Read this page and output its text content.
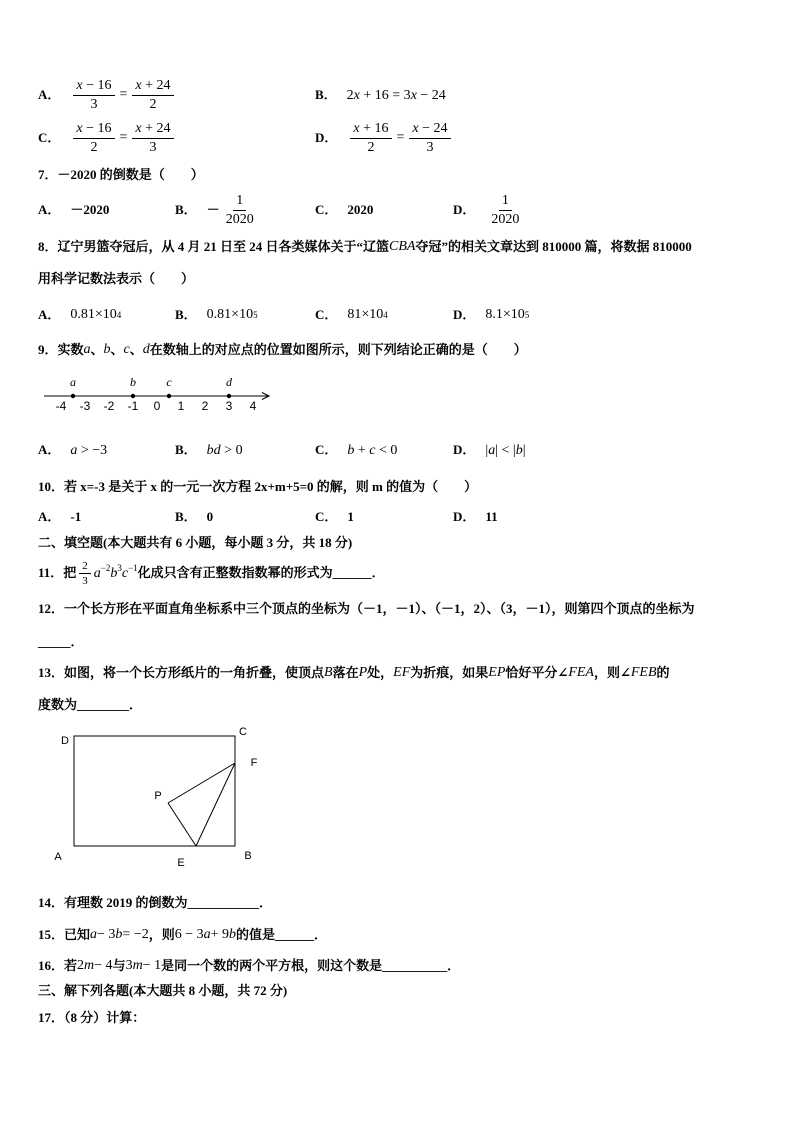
A． $\frac{x - 16}{3} = \frac{x + 24}{2}$	B． 2x + 16 = 3x − 24
C． $\frac{x - 16}{2} = \frac{x + 24}{3}$	D． $\frac{x + 16}{2} = \frac{x - 24}{3}$
7．－2020 的倒数是（　　）
A． －2020	B． － $\frac{1}{2020}$	C． 2020	D． $\frac{1}{2020}$
8．辽宁男篮夺冠后，从 4 月 21 日至 24 日各类媒体关于“辽篮 CBA 夺冠”的相关文章达到 810000 篇，将数据 810000
用科学记数法表示（　　）
A． 0.81×10 4	B． 0.81×10 5	C． 81×10 4	D． 8.1×10 5
9．实数 a 、 b 、 c 、 d 在数轴上的对应点的位置如图所示，则下列结论正确的是（　　）
-4 -3 -2 -1 0 1 2 3 4
a	b	c	d
A． a > −3	B． bd > 0	C． b + c < 0	D． |a| < |b|
10．若 x=-3 是关于 x 的一元一次方程 2x+m+5=0 的解，则 m 的值为（　　）
A． -1	B． 0	C． 1	D． 11
二、填空题(本大题共有 6 小题，每小题 3 分，共 18 分)
11．把 $\frac{2}{3} a^{-2}b^3c^{-1}$ 化成只含有正整数指数幂的形式为______．
12．一个长方形在平面直角坐标系中三个顶点的坐标为（－1，－1）、（－1，2）、（3，－1），则第四个顶点的坐标为
_____．
13．如图，将一个长方形纸片的一角折叠，使顶点 B 落在 P 处， EF 为折痕，如果 EP 恰好平分∠ FEA ，则∠ FEB 的
度数为________．
D
C
F
P
A	E
B
14．有理数 2019 的倒数为___________．
15．已知 a − 3 b = −2 ，则 6 − 3 a + 9 b 的值是______．
16．若 2 m − 4 与 3 m − 1 是同一个数的两个平方根，则这个数是__________．
三、解下列各题(本大题共 8 小题，共 72 分)
17．（8 分）计算：
